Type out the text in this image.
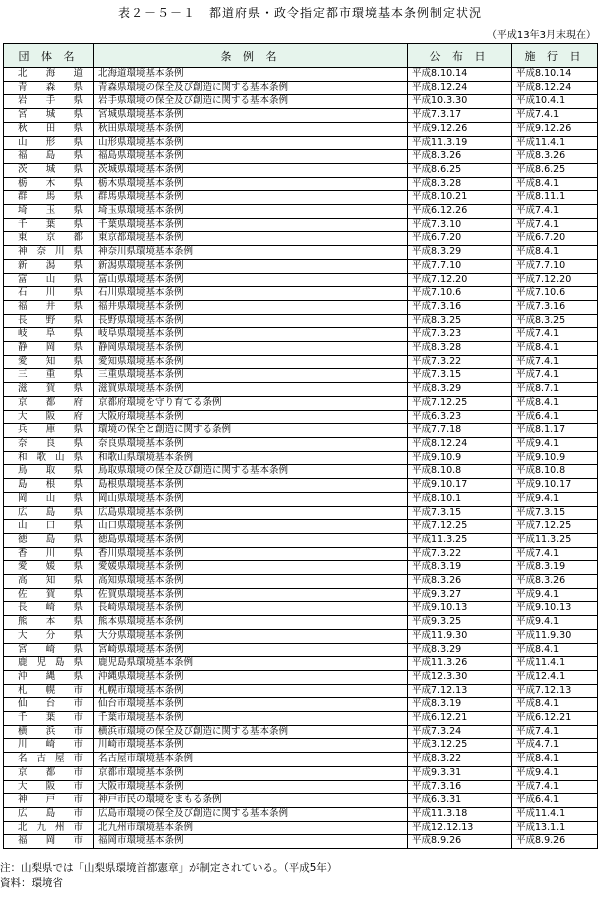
表２－５－１　都道府県・政令指定都市環境基本条例制定状況
（平成13年3月末現在）
団 体 名	条 例 名	公 布 日	施 行 日
北　海　道	北海道環境基本条例	平成8.10.14	平成8.10.14
青　森　県	青森県環境の保全及び創造に関する基本条例	平成8.12.24	平成8.12.24
岩　手　県	岩手県環境の保全及び創造に関する基本条例	平成10.3.30	平成10.4.1
宮　城　県	宮城県環境基本条例	平成7.3.17	平成7.4.1
秋　田　県	秋田県環境基本条例	平成9.12.26	平成9.12.26
山　形　県	山形県環境基本条例	平成11.3.19	平成11.4.1
福　島　県	福島県環境基本条例	平成8.3.26	平成8.3.26
茨　城　県	茨城県環境基本条例	平成8.6.25	平成8.6.25
栃　木　県	栃木県環境基本条例	平成8.3.28	平成8.4.1
群　馬　県	群馬県環境基本条例	平成8.10.21	平成8.11.1
埼　玉　県	埼玉県環境基本条例	平成6.12.26	平成7.4.1
千　葉　県	千葉県環境基本条例	平成7.3.10	平成7.4.1
東　京　都	東京都環境基本条例	平成6.7.20	平成6.7.20
神 奈 川 県	神奈川県環境基本条例	平成8.3.29	平成8.4.1
新　潟　県	新潟県環境基本条例	平成7.7.10	平成7.7.10
富　山　県	富山県環境基本条例	平成7.12.20	平成7.12.20
石　川　県	石川県環境基本条例	平成7.10.6	平成7.10.6
福　井　県	福井県環境基本条例	平成7.3.16	平成7.3.16
長　野　県	長野県環境基本条例	平成8.3.25	平成8.3.25
岐　阜　県	岐阜県環境基本条例	平成7.3.23	平成7.4.1
静　岡　県	静岡県環境基本条例	平成8.3.28	平成8.4.1
愛　知　県	愛知県環境基本条例	平成7.3.22	平成7.4.1
三　重　県	三重県環境基本条例	平成7.3.15	平成7.4.1
滋　賀　県	滋賀県環境基本条例	平成8.3.29	平成8.7.1
京　都　府	京都府環境を守り育てる条例	平成7.12.25	平成8.4.1
大　阪　府	大阪府環境基本条例	平成6.3.23	平成6.4.1
兵　庫　県	環境の保全と創造に関する条例	平成7.7.18	平成8.1.17
奈　良　県	奈良県環境基本条例	平成8.12.24	平成9.4.1
和 歌 山 県	和歌山県環境基本条例	平成9.10.9	平成9.10.9
鳥　取　県	鳥取県環境の保全及び創造に関する基本条例	平成8.10.8	平成8.10.8
島　根　県	島根県環境基本条例	平成9.10.17	平成9.10.17
岡　山　県	岡山県環境基本条例	平成8.10.1	平成9.4.1
広　島　県	広島県環境基本条例	平成7.3.15	平成7.3.15
山　口　県	山口県環境基本条例	平成7.12.25	平成7.12.25
徳　島　県	徳島県環境基本条例	平成11.3.25	平成11.3.25
香　川　県	香川県環境基本条例	平成7.3.22	平成7.4.1
愛　媛　県	愛媛県環境基本条例	平成8.3.19	平成8.3.19
高　知　県	高知県環境基本条例	平成8.3.26	平成8.3.26
佐　賀　県	佐賀県環境基本条例	平成9.3.27	平成9.4.1
長　崎　県	長崎県環境基本条例	平成9.10.13	平成9.10.13
熊　本　県	熊本県環境基本条例	平成9.3.25	平成9.4.1
大　分　県	大分県環境基本条例	平成11.9.30	平成11.9.30
宮　崎　県	宮崎県環境基本条例	平成8.3.29	平成8.4.1
鹿 児 島 県	鹿児島県環境基本条例	平成11.3.26	平成11.4.1
沖　縄　県	沖縄県環境基本条例	平成12.3.30	平成12.4.1
札　幌　市	札幌市環境基本条例	平成7.12.13	平成7.12.13
仙　台　市	仙台市環境基本条例	平成8.3.19	平成8.4.1
千　葉　市	千葉市環境基本条例	平成6.12.21	平成6.12.21
横　浜　市	横浜市環境の保全及び創造に関する基本条例	平成7.3.24	平成7.4.1
川　崎　市	川崎市環境基本条例	平成3.12.25	平成4.7.1
名 古 屋 市	名古屋市環境基本条例	平成8.3.22	平成8.4.1
京　都　市	京都市環境基本条例	平成9.3.31	平成9.4.1
大　阪　市	大阪市環境基本条例	平成7.3.16	平成7.4.1
神　戸　市	神戸市民の環境をまもる条例	平成6.3.31	平成6.4.1
広　島　市	広島市環境の保全及び創造に関する基本条例	平成11.3.18	平成11.4.1
北 九 州 市	北九州市環境基本条例	平成12.12.13	平成13.1.1
福　岡　市	福岡市環境基本条例	平成8.9.26	平成8.9.26
注：山梨県では「山梨県環境首都憲章」が制定されている。（平成5年）
資料：環境省
